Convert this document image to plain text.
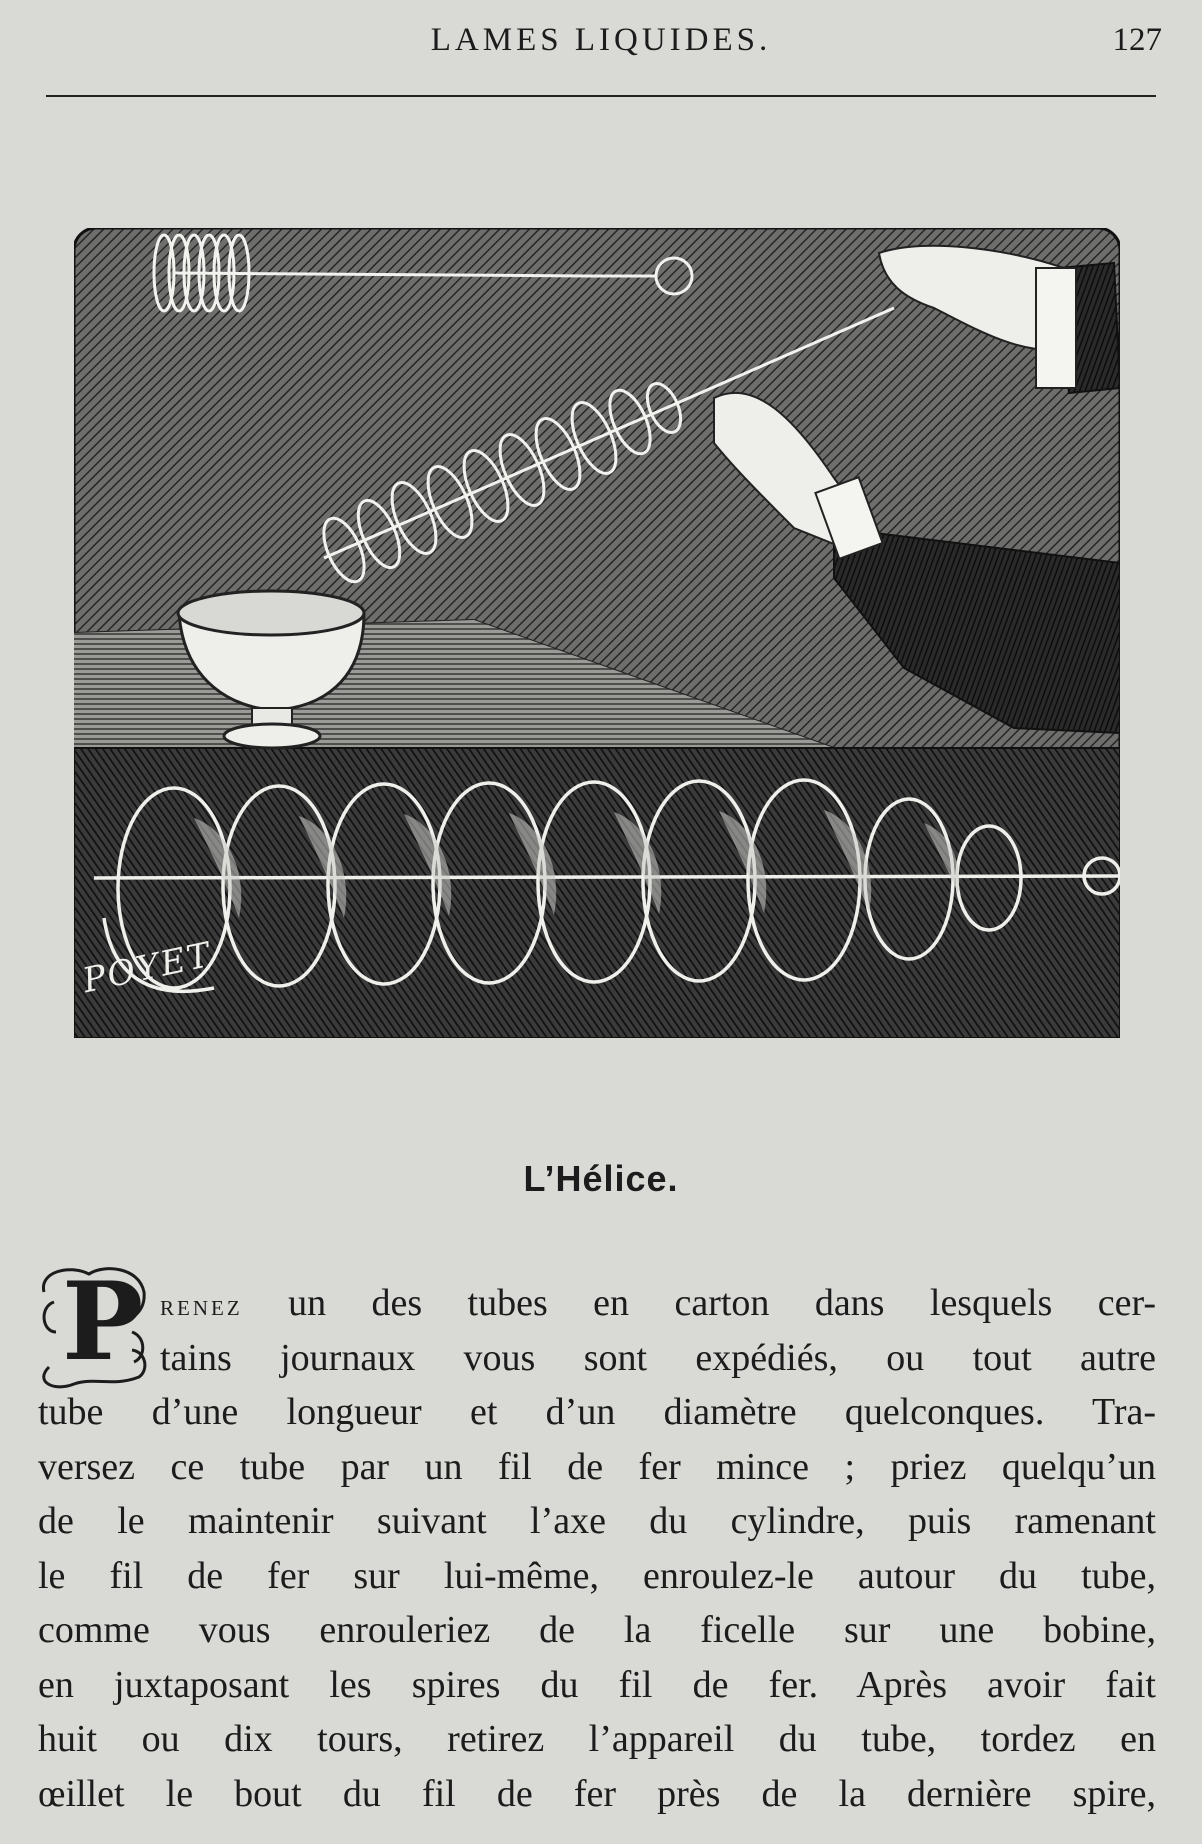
LAMES LIQUIDES.	127
POYET
L’Hélice.
P renez un des tubes en carton dans lesquels cer-
tains journaux vous sont expédiés, ou tout autre
tube d’une longueur et d’un diamètre quelconques. Tra-
versez ce tube par un fil de fer mince ; priez quelqu’un
de le maintenir suivant l’axe du cylindre, puis ramenant
le fil de fer sur lui-même, enroulez-le autour du tube,
comme vous enrouleriez de la ficelle sur une bobine,
en juxtaposant les spires du fil de fer. Après avoir fait
huit ou dix tours, retirez l’appareil du tube, tordez en
œillet le bout du fil de fer près de la dernière spire,
